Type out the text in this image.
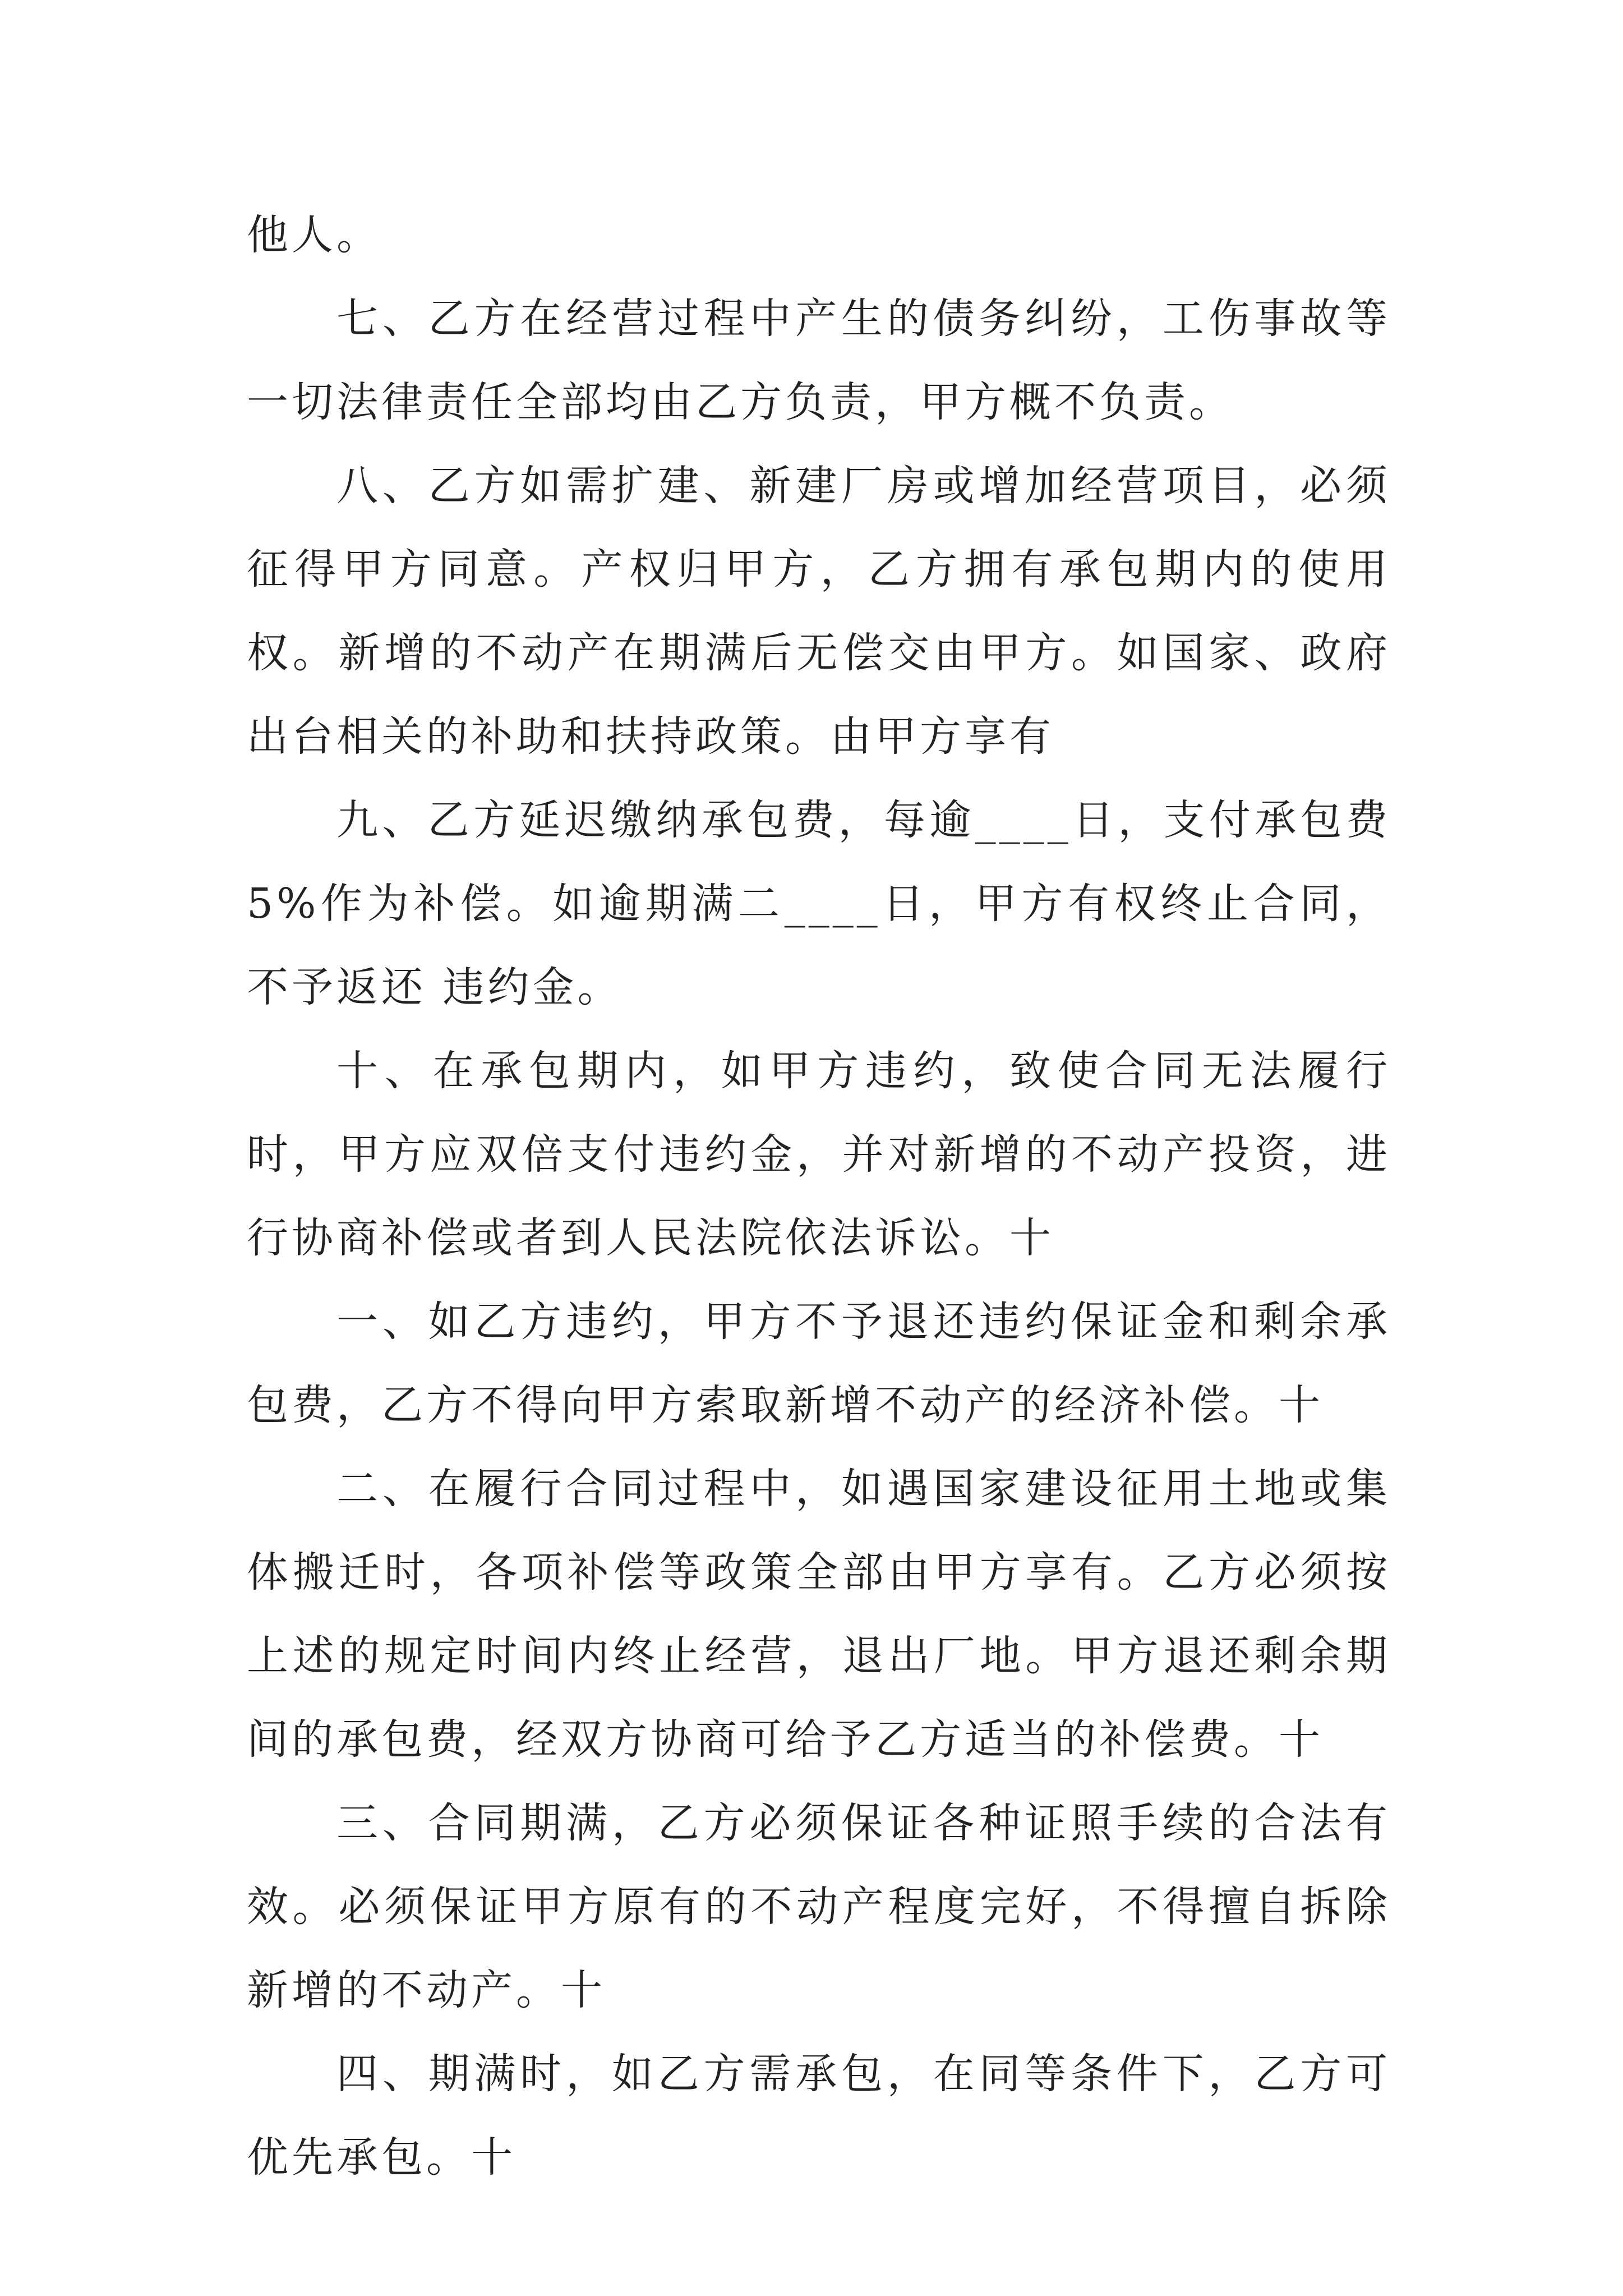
他人。

七、乙方在经营过程中产生的债务纠纷，工伤事故等一切法律责任全部均由乙方负责，甲方概不负责。

八、乙方如需扩建、新建厂房或增加经营项目，必须征得甲方同意。产权归甲方，乙方拥有承包期内的使用权。新增的不动产在期满后无偿交由甲方。如国家、政府出台相关的补助和扶持政策。由甲方享有

九、乙方延迟缴纳承包费，每逾____日，支付承包费 5%作为补偿。如逾期满二____日，甲方有权终止合同，不予返还 违约金。

十、在承包期内，如甲方违约，致使合同无法履行时，甲方应双倍支付违约金，并对新增的不动产投资，进行协商补偿或者到人民法院依法诉讼。十

一、如乙方违约，甲方不予退还违约保证金和剩余承包费，乙方不得向甲方索取新增不动产的经济补偿。十

二、在履行合同过程中，如遇国家建设征用土地或集体搬迁时，各项补偿等政策全部由甲方享有。乙方必须按上述的规定时间内终止经营，退出厂地。甲方退还剩余期间的承包费，经双方协商可给予乙方适当的补偿费。十

三、合同期满，乙方必须保证各种证照手续的合法有效。必须保证甲方原有的不动产程度完好，不得擅自拆除新增的不动产。十

四、期满时，如乙方需承包，在同等条件下，乙方可优先承包。十
